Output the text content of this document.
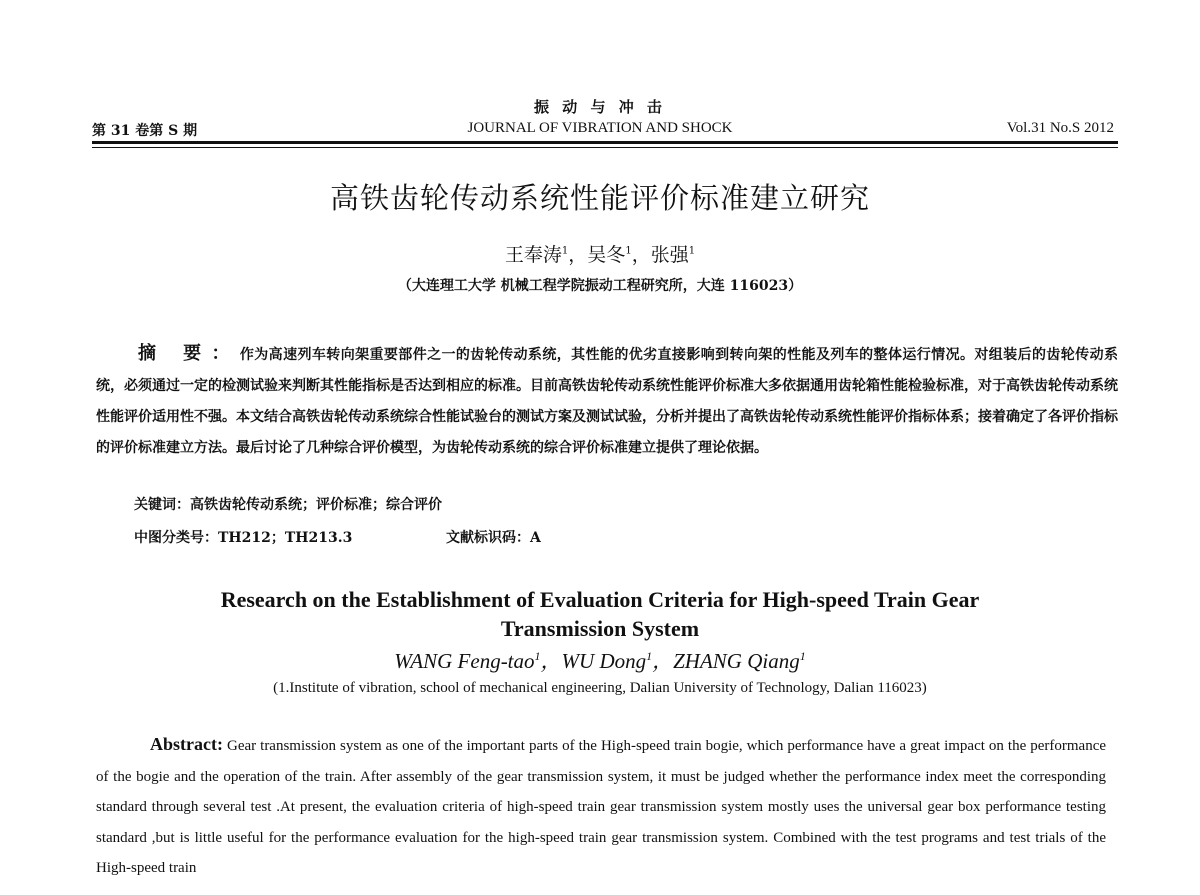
振 动 与 冲 击
第 31 卷第 S 期	JOURNAL OF VIBRATION AND SHOCK	Vol.31 No.S 2012
高铁齿轮传动系统性能评价标准建立研究
王奉涛$^1$，吴冬$^1$，张强$^1$
（大连理工大学 机械工程学院振动工程研究所，大连 116023）
摘 要：作为高速列车转向架重要部件之一的齿轮传动系统，其性能的优劣直接影响到转向架的性能及列车的整体运行情况。对组装后的齿轮传动系统，必须通过一定的检测试验来判断其性能指标是否达到相应的标准。目前高铁齿轮传动系统性能评价标准大多依据通用齿轮箱性能检验标准，对于高铁齿轮传动系统性能评价适用性不强。本文结合高铁齿轮传动系统综合性能试验台的测试方案及测试试验，分析并提出了高铁齿轮传动系统性能评价指标体系；接着确定了各评价指标的评价标准建立方法。最后讨论了几种综合评价模型，为齿轮传动系统的综合评价标准建立提供了理论依据。
关键词：高铁齿轮传动系统；评价标准；综合评价
中图分类号：TH212；TH213.3	文献标识码：A
Research on the Establishment of Evaluation Criteria for High-speed Train Gear Transmission System
WANG Feng-tao$^1$，WU Dong$^1$，ZHANG Qiang$^1$
(1.Institute of vibration, school of mechanical engineering, Dalian University of Technology, Dalian 116023)
Abstract: Gear transmission system as one of the important parts of the High-speed train bogie, which performance have a great impact on the performance of the bogie and the operation of the train. After assembly of the gear transmission system, it must be judged whether the performance index meet the corresponding standard through several test .At present, the evaluation criteria of high-speed train gear transmission system mostly uses the universal gear box performance testing standard ,but is little useful for the performance evaluation for the high-speed train gear transmission system. Combined with the test programs and test trials of the High-speed train
